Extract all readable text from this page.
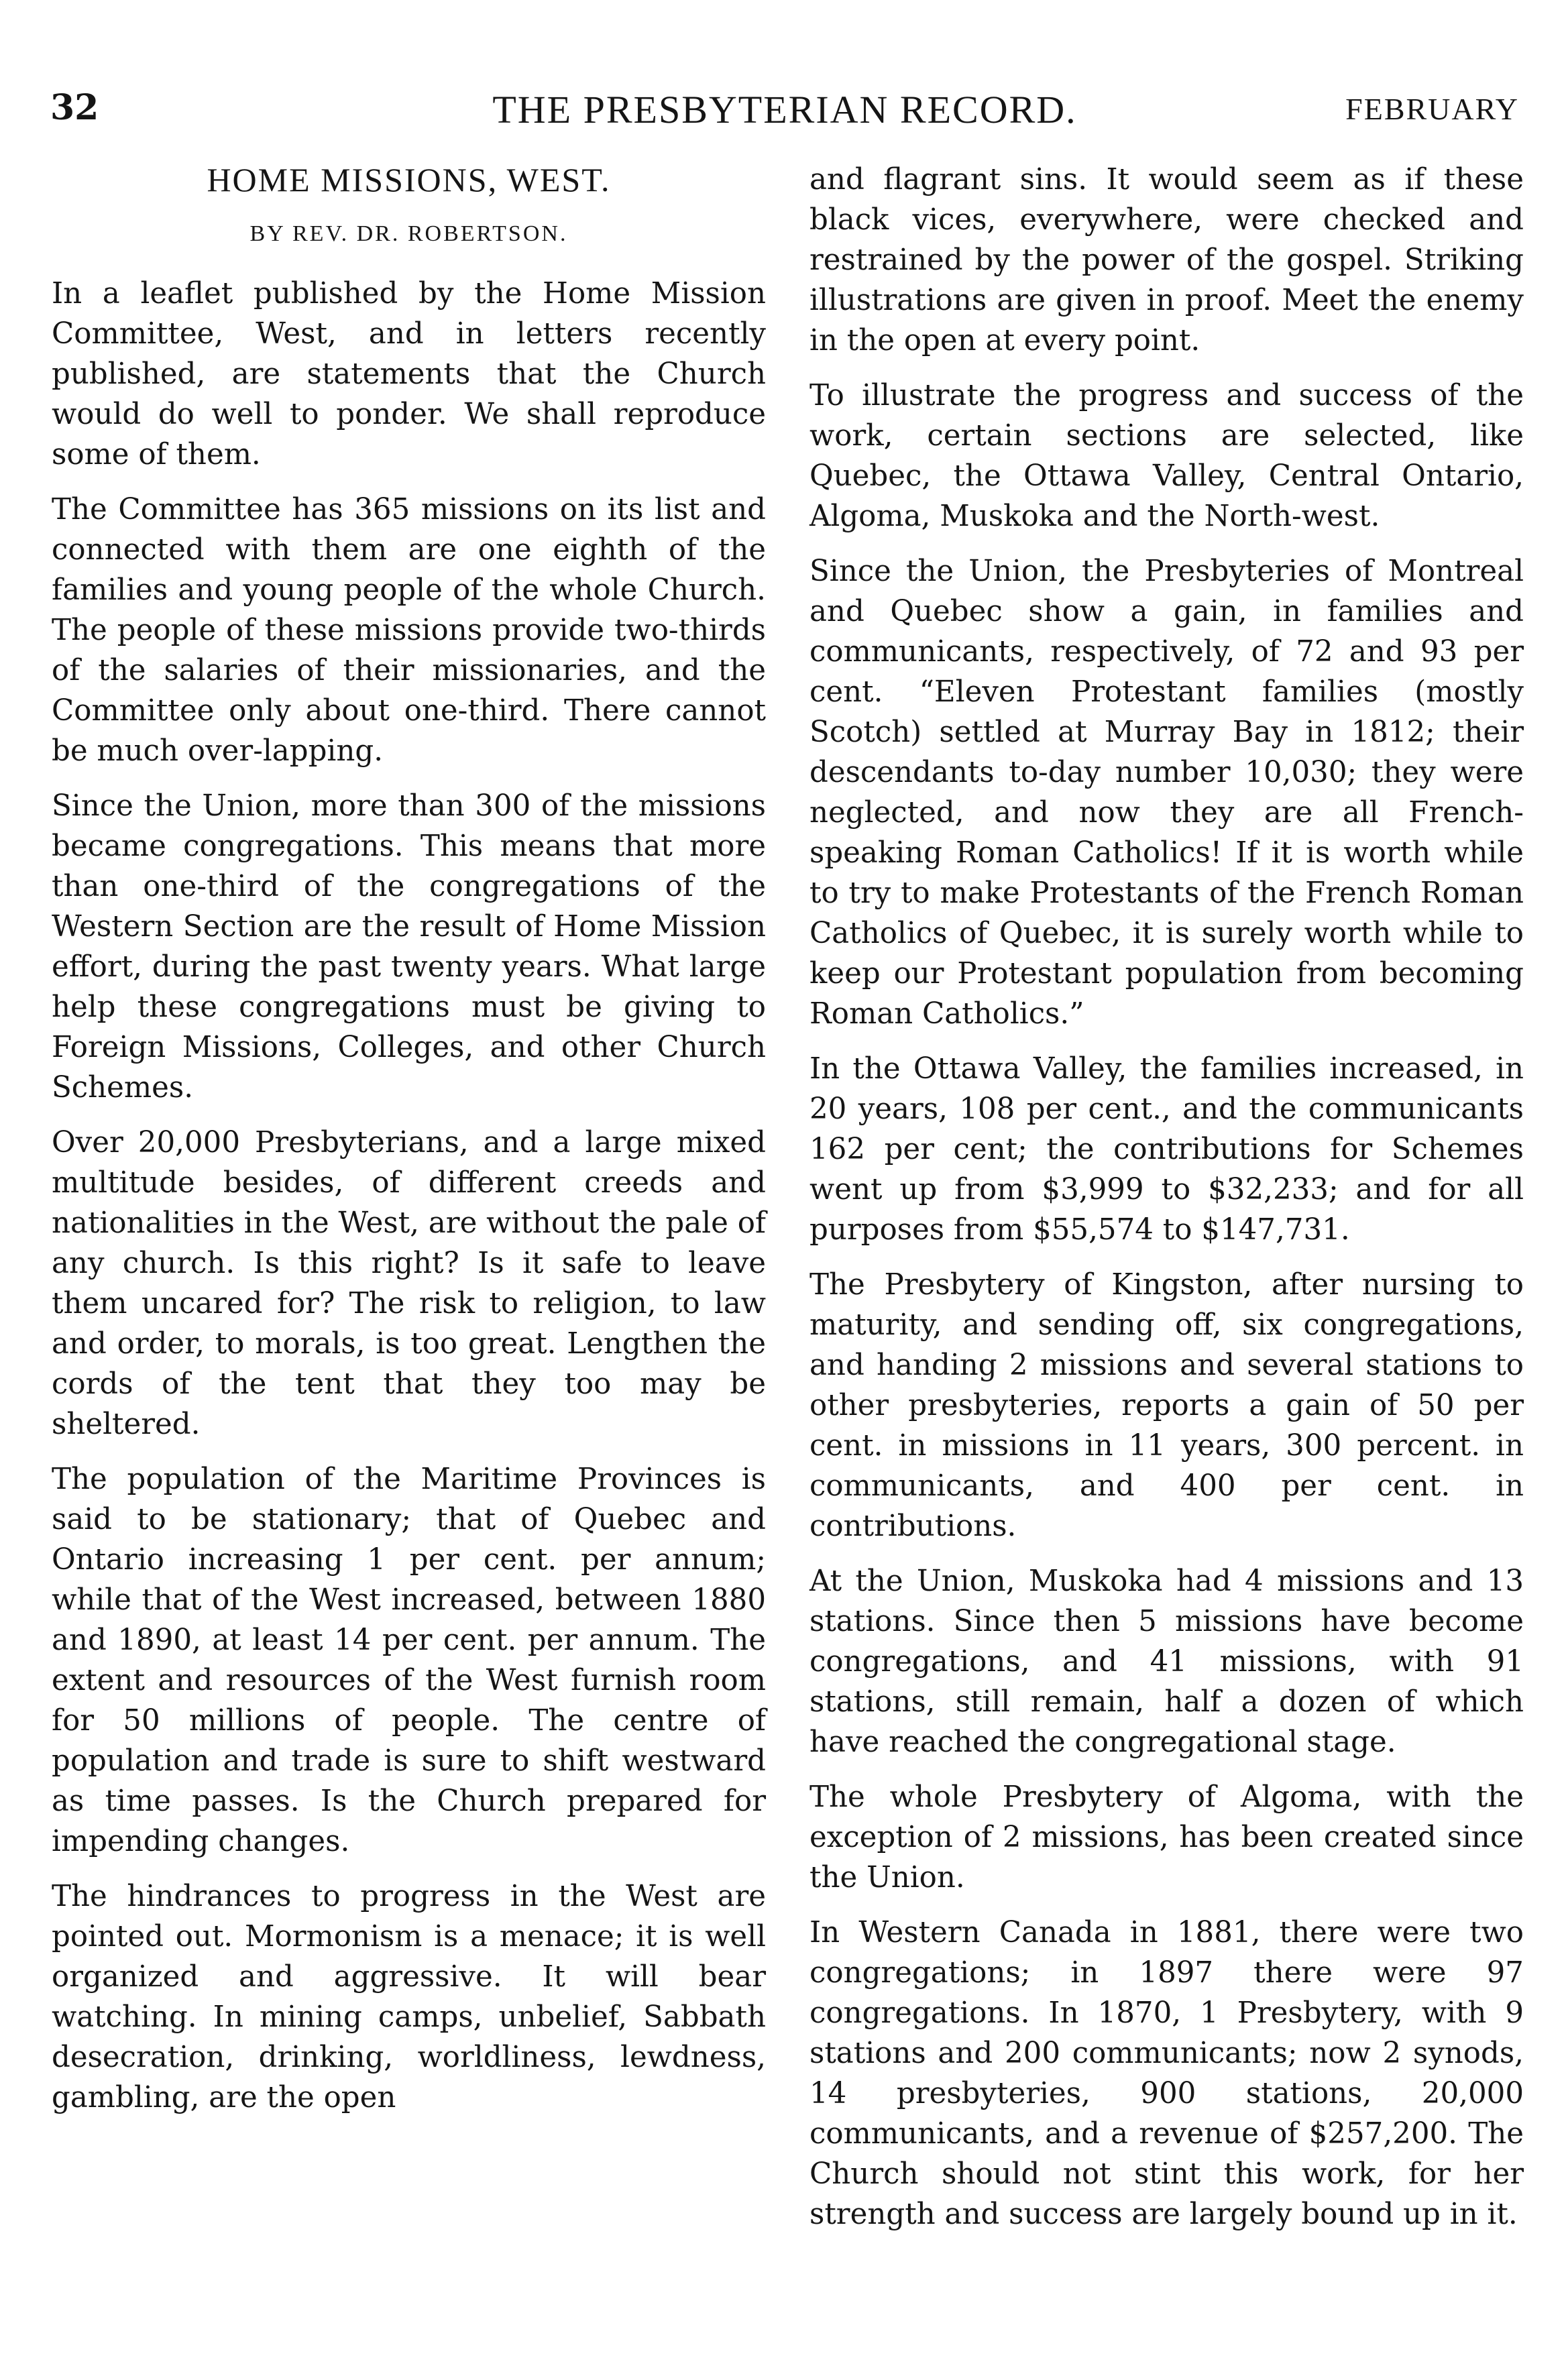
32	THE PRESBYTERIAN RECORD.	FEBRUARY
HOME MISSIONS, WEST.
BY REV. DR. ROBERTSON.

In a leaflet published by the Home Mission Committee, West, and in letters recently published, are statements that the Church would do well to ponder. We shall reproduce some of them.

The Committee has 365 missions on its list and connected with them are one eighth of the families and young people of the whole Church. The people of these missions provide two-thirds of the salaries of their missionaries, and the Committee only about one-third. There cannot be much over-lapping.

Since the Union, more than 300 of the missions became congregations. This means that more than one-third of the congregations of the Western Section are the result of Home Mission effort, during the past twenty years. What large help these congregations must be giving to Foreign Missions, Colleges, and other Church Schemes.

Over 20,000 Presbyterians, and a large mixed multitude besides, of different creeds and nationalities in the West, are without the pale of any church. Is this right? Is it safe to leave them uncared for? The risk to religion, to law and order, to morals, is too great. Lengthen the cords of the tent that they too may be sheltered.

The population of the Maritime Provinces is said to be stationary; that of Quebec and Ontario increasing 1 per cent. per annum; while that of the West increased, between 1880 and 1890, at least 14 per cent. per annum. The extent and resources of the West furnish room for 50 millions of people. The centre of population and trade is sure to shift westward as time passes. Is the Church prepared for impending changes.

The hindrances to progress in the West are pointed out. Mormonism is a menace; it is well organized and aggressive. It will bear watching. In mining camps, unbelief, Sabbath desecration, drinking, worldliness, lewdness, gambling, are the open

and flagrant sins. It would seem as if these black vices, everywhere, were checked and restrained by the power of the gospel. Striking illustrations are given in proof. Meet the enemy in the open at every point.

To illustrate the progress and success of the work, certain sections are selected, like Quebec, the Ottawa Valley, Central Ontario, Algoma, Muskoka and the North-west.

Since the Union, the Presbyteries of Montreal and Quebec show a gain, in families and communicants, respectively, of 72 and 93 per cent. “Eleven Protestant families (mostly Scotch) settled at Murray Bay in 1812; their descendants to-day number 10,030; they were neglected, and now they are all French-speaking Roman Catholics! If it is worth while to try to make Protestants of the French Roman Catholics of Quebec, it is surely worth while to keep our Protestant population from becoming Roman Catholics.”

In the Ottawa Valley, the families increased, in 20 years, 108 per cent., and the communicants 162 per cent; the contributions for Schemes went up from $3,999 to $32,233; and for all purposes from $55,574 to $147,731.

The Presbytery of Kingston, after nursing to maturity, and sending off, six congregations, and handing 2 missions and several stations to other presbyteries, reports a gain of 50 per cent. in missions in 11 years, 300 percent. in communicants, and 400 per cent. in contributions.

At the Union, Muskoka had 4 missions and 13 stations. Since then 5 missions have become congregations, and 41 missions, with 91 stations, still remain, half a dozen of which have reached the congregational stage.

The whole Presbytery of Algoma, with the exception of 2 missions, has been created since the Union.

In Western Canada in 1881, there were two congregations; in 1897 there were 97 congregations. In 1870, 1 Presbytery, with 9 stations and 200 communicants; now 2 synods, 14 presbyteries, 900 stations, 20,000 communicants, and a revenue of $257,200. The Church should not stint this work, for her strength and success are largely bound up in it.
